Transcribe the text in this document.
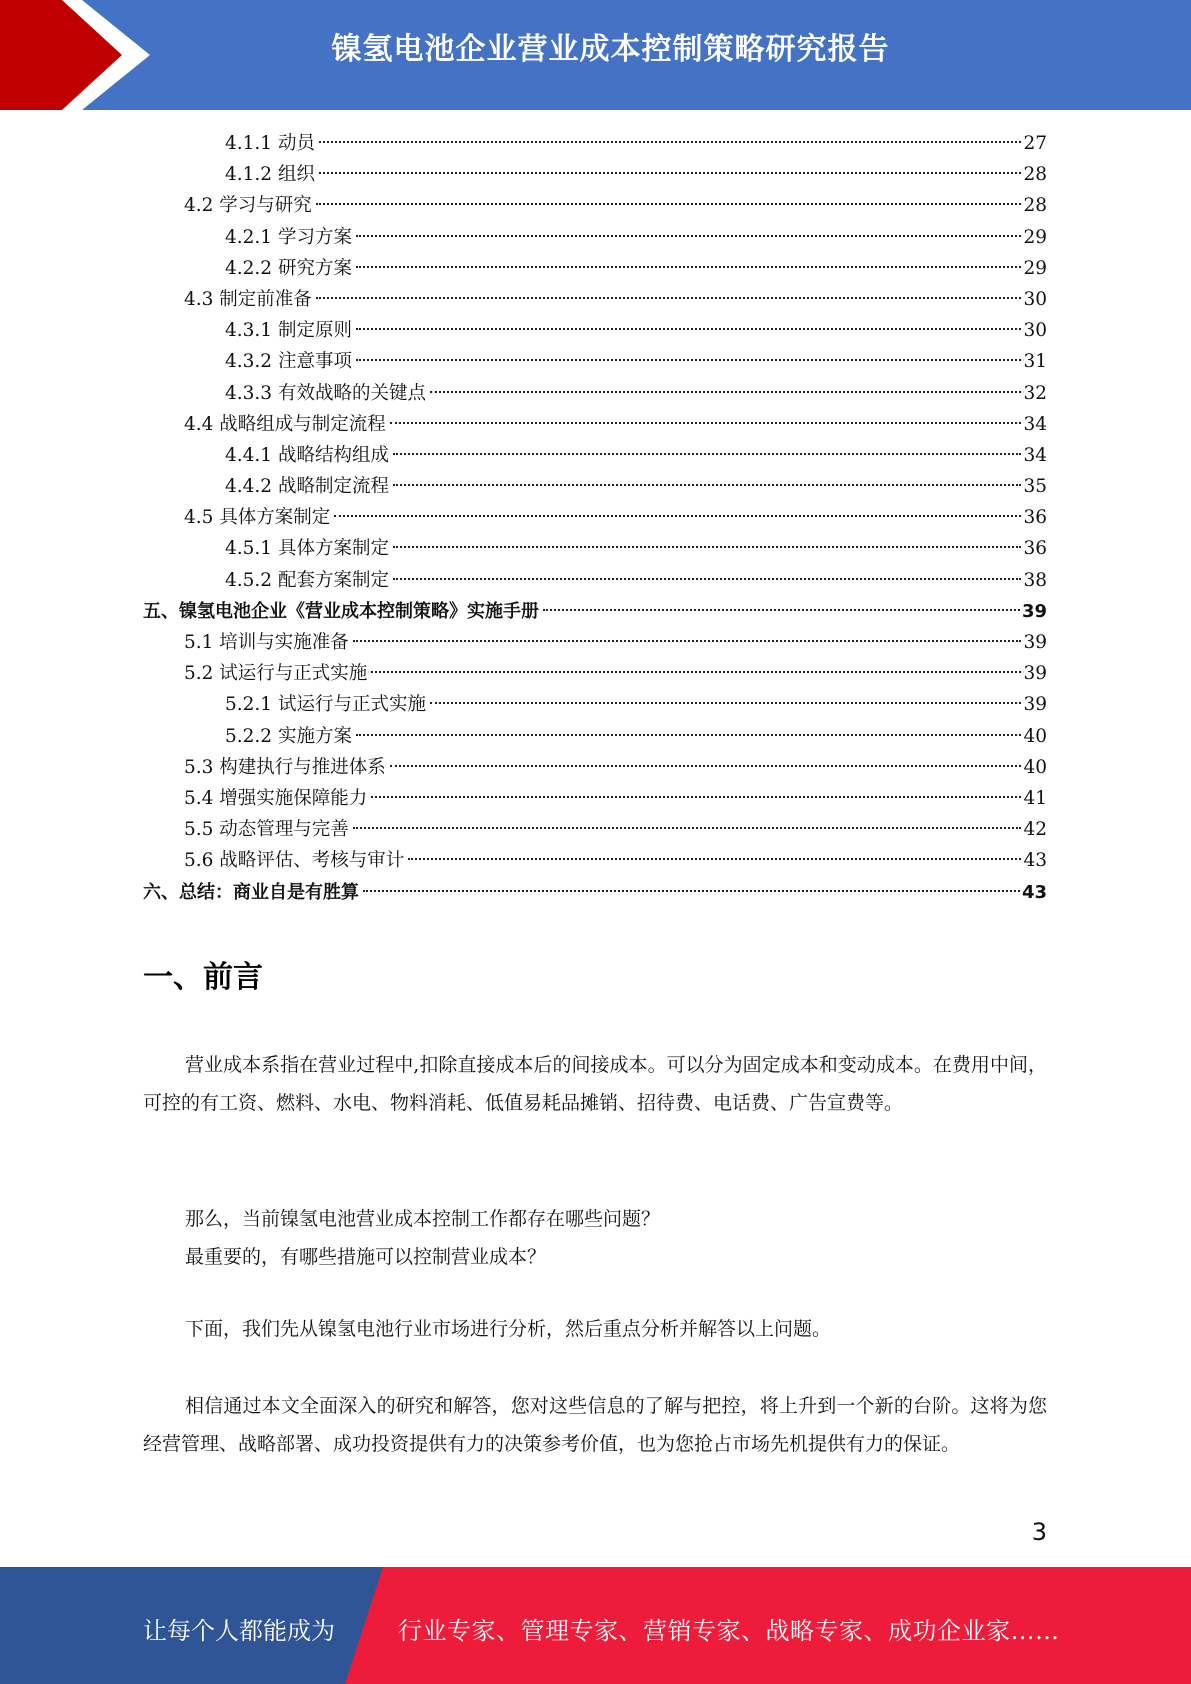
镍氢电池企业营业成本控制策略研究报告
4.1.1 动员	27
4.1.2 组织	28
4.2 学习与研究	28
4.2.1 学习方案	29
4.2.2 研究方案	29
4.3 制定前准备	30
4.3.1 制定原则	30
4.3.2 注意事项	31
4.3.3 有效战略的关键点	32
4.4 战略组成与制定流程	34
4.4.1 战略结构组成	34
4.4.2 战略制定流程	35
4.5 具体方案制定	36
4.5.1 具体方案制定	36
4.5.2 配套方案制定	38
五、镍氢电池企业《营业成本控制策略》实施手册	39
5.1 培训与实施准备	39
5.2 试运行与正式实施	39
5.2.1 试运行与正式实施	39
5.2.2 实施方案	40
5.3 构建执行与推进体系	40
5.4 增强实施保障能力	41
5.5 动态管理与完善	42
5.6 战略评估、考核与审计	43
六、总结：商业自是有胜算	43
一、前言
营业成本系指在营业过程中,扣除直接成本后的间接成本。可以分为固定成本和变动成本。在费用中间，可控的有工资、燃料、水电、物料消耗、低值易耗品摊销、招待费、电话费、广告宣费等。
那么，当前镍氢电池营业成本控制工作都存在哪些问题？
最重要的，有哪些措施可以控制营业成本？
下面，我们先从镍氢电池行业市场进行分析，然后重点分析并解答以上问题。
相信通过本文全面深入的研究和解答，您对这些信息的了解与把控，将上升到一个新的台阶。这将为您经营管理、战略部署、成功投资提供有力的决策参考价值，也为您抢占市场先机提供有力的保证。
3
让每个人都能成为	行业专家、管理专家、营销专家、战略专家、成功企业家……
